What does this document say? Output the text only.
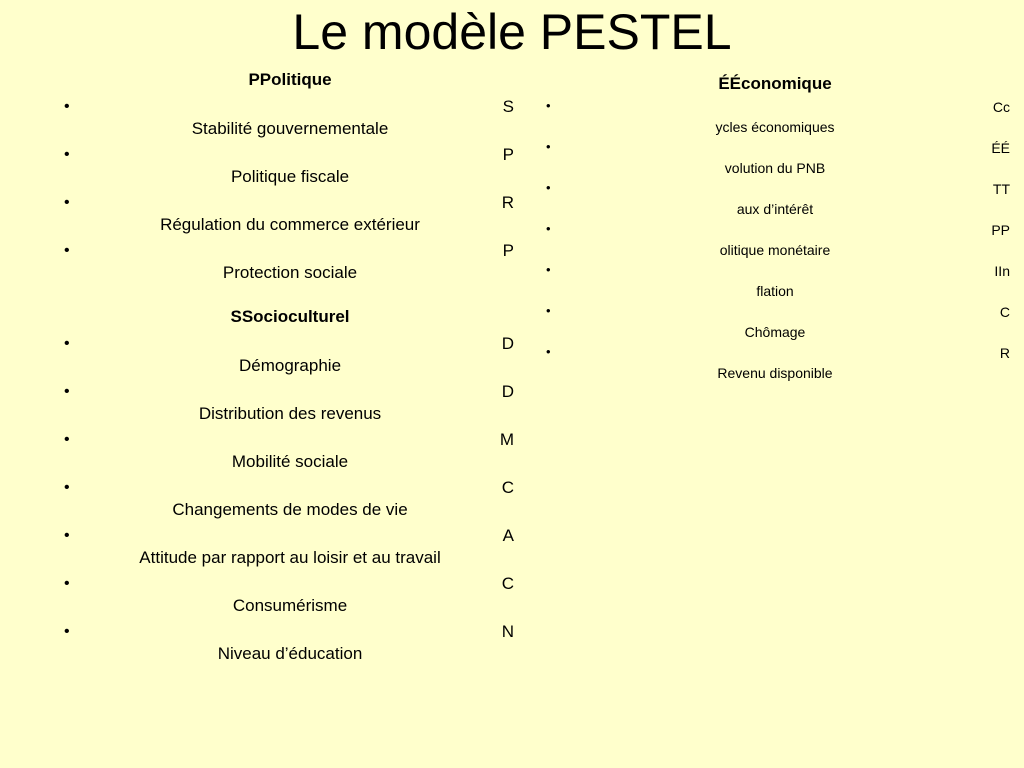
Le modèle PESTEL
PPolitique
•	S
Stabilité gouvernementale
•	P
Politique fiscale
•	R
Régulation du commerce extérieur
•	P
Protection sociale
SSocioculturel
•	D
Démographie
•	D
Distribution des revenus
•	M
Mobilité sociale
•	C
Changements de modes de vie
•	A
Attitude par rapport au loisir et au travail
•	C
Consumérisme
•	N
Niveau d’éducation
ÉÉconomique
•	Cc
ycles économiques
•	ÉÉ
volution du PNB
•	TT
aux d’intérêt
•	PP
olitique monétaire
•	IIn
flation
•	C
Chômage
•	R
Revenu disponible
